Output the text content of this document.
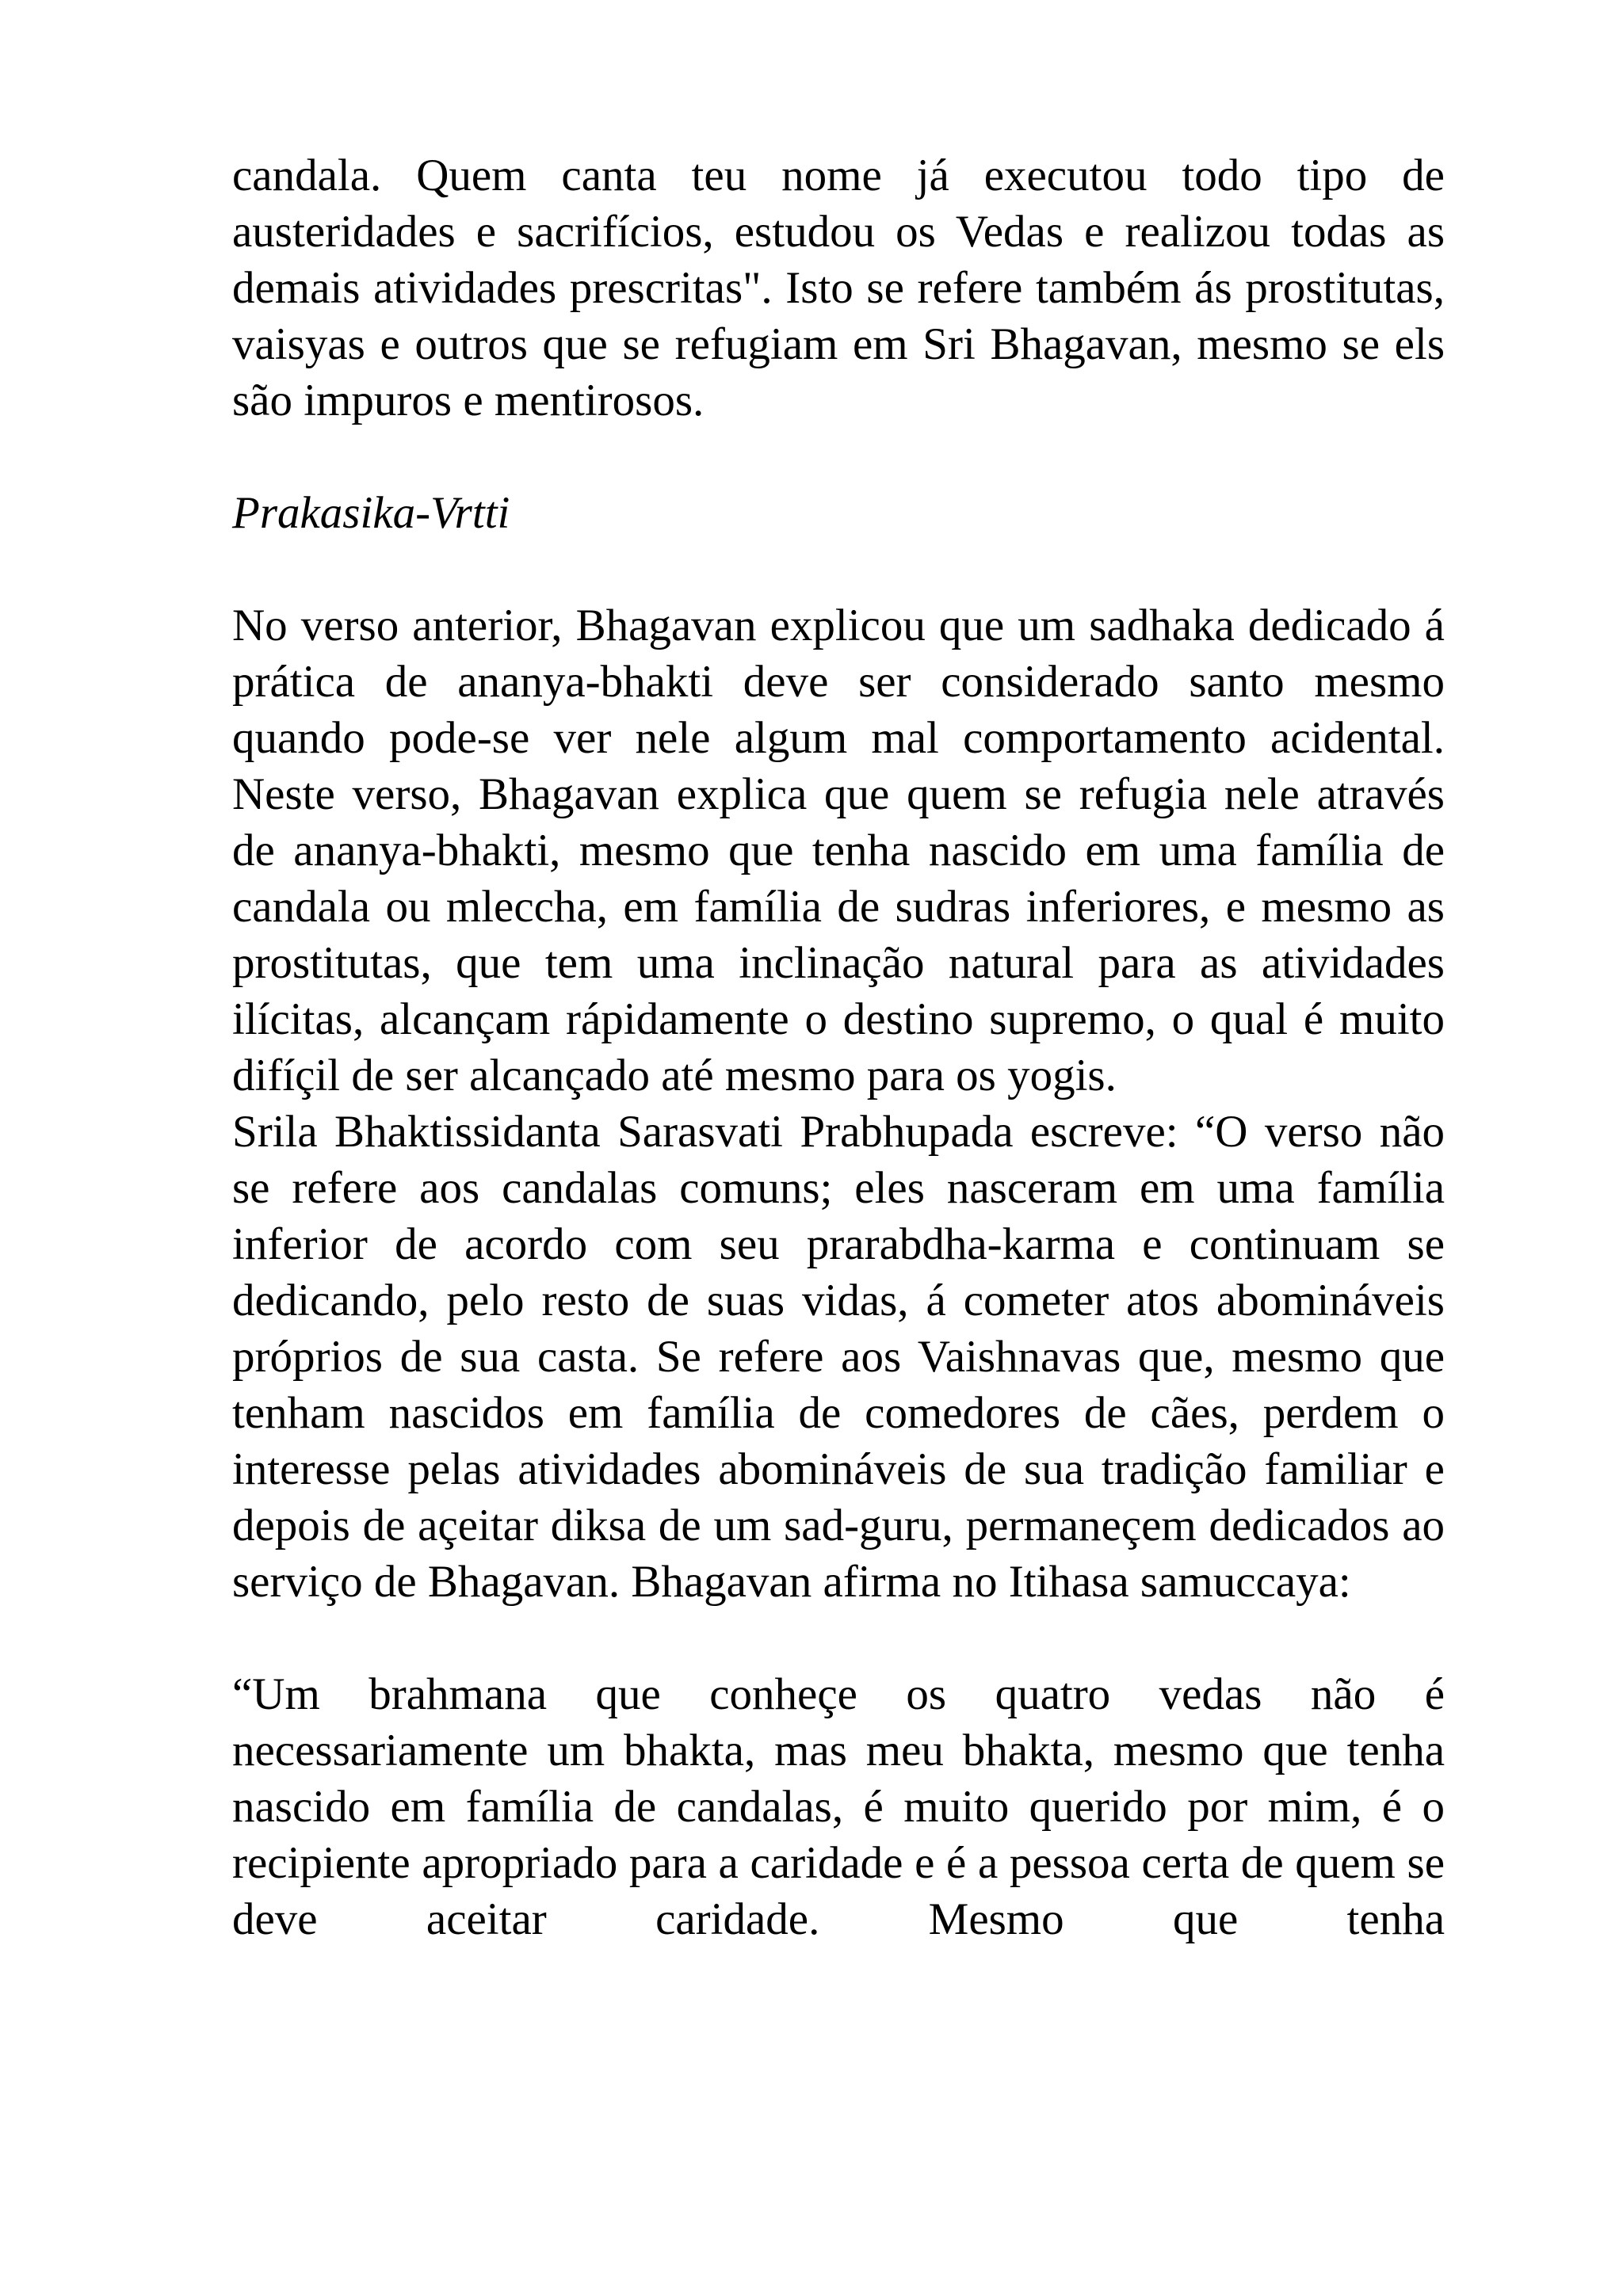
candala. Quem canta teu nome já executou todo tipo de austeridades e sacrifícios, estudou os Vedas e realizou todas as demais atividades prescritas". Isto se refere também ás prostitutas, vaisyas e outros que se refugiam em Sri Bhagavan, mesmo se els são impuros e mentirosos.

Prakasika-Vrtti

No verso anterior, Bhagavan explicou que um sadhaka dedicado á prática de ananya-bhakti deve ser considerado santo mesmo quando pode-se ver nele algum mal comportamento acidental. Neste verso, Bhagavan explica que quem se refugia nele através de ananya-bhakti, mesmo que tenha nascido em uma família de candala ou mleccha, em família de sudras inferiores, e mesmo as prostitutas, que tem uma inclinação natural para as atividades ilícitas, alcançam rápidamente o destino supremo, o qual é muito difíçil de ser alcançado até mesmo para os yogis.

Srila Bhaktissidanta Sarasvati Prabhupada escreve: “O verso não se refere aos candalas comuns; eles nasceram em uma família inferior de acordo com seu prarabdha-karma e continuam se dedicando, pelo resto de suas vidas, á cometer atos abomináveis próprios de sua casta. Se refere aos Vaishnavas que, mesmo que tenham nascidos em família de comedores de cães, perdem o interesse pelas atividades abomináveis de sua tradição familiar e depois de açeitar diksa de um sad-guru, permaneçem dedicados ao serviço de Bhagavan. Bhagavan afirma no Itihasa samuccaya:

“Um brahmana que conheçe os quatro vedas não é necessariamente um bhakta, mas meu bhakta, mesmo que tenha nascido em família de candalas, é muito querido por mim, é o recipiente apropriado para a caridade e é a pessoa certa de quem se deve aceitar caridade. Mesmo que tenha
